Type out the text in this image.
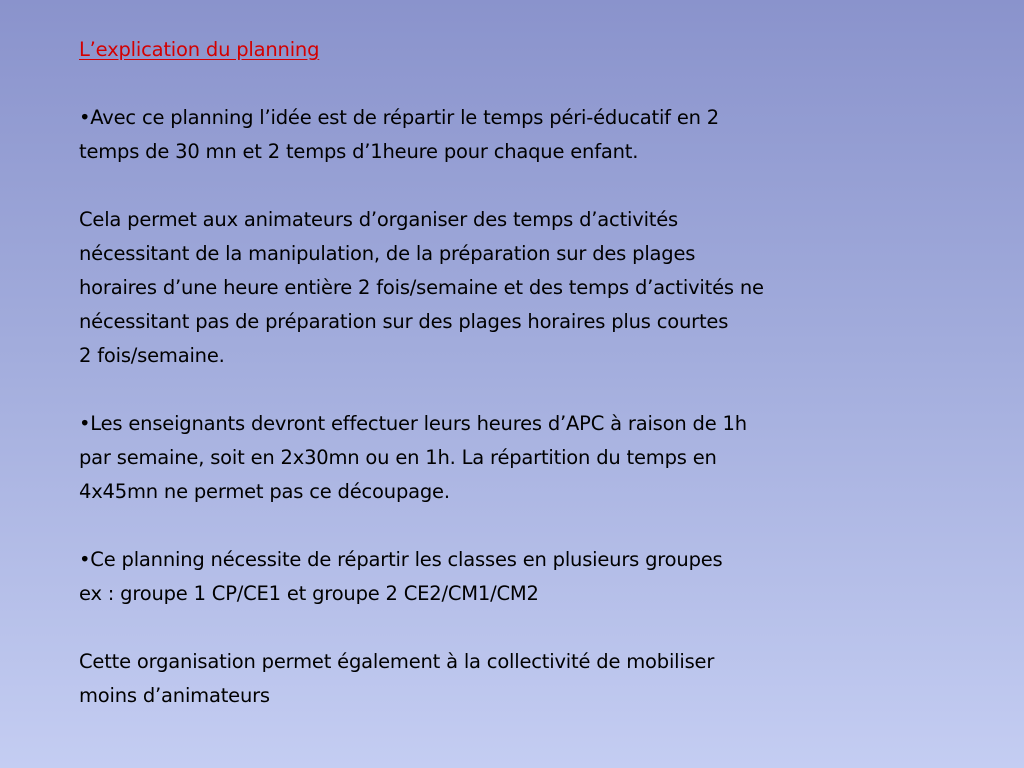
L’explication du planning

•Avec ce planning l’idée est de répartir le temps péri-éducatif en 2
temps de 30 mn et 2 temps d’1heure pour chaque enfant.

Cela permet aux animateurs d’organiser des temps d’activités
nécessitant de la manipulation, de la préparation sur des plages
horaires d’une heure entière 2 fois/semaine et des temps d’activités ne
nécessitant pas de préparation sur des plages horaires plus courtes
2 fois/semaine.

•Les enseignants devront effectuer leurs heures d’APC à raison de 1h
par semaine, soit en 2x30mn ou en 1h. La répartition du temps en
4x45mn ne permet pas ce découpage.

•Ce planning nécessite de répartir les classes en plusieurs groupes
ex : groupe 1 CP/CE1 et groupe 2 CE2/CM1/CM2

Cette organisation permet également à la collectivité de mobiliser
moins d’animateurs
